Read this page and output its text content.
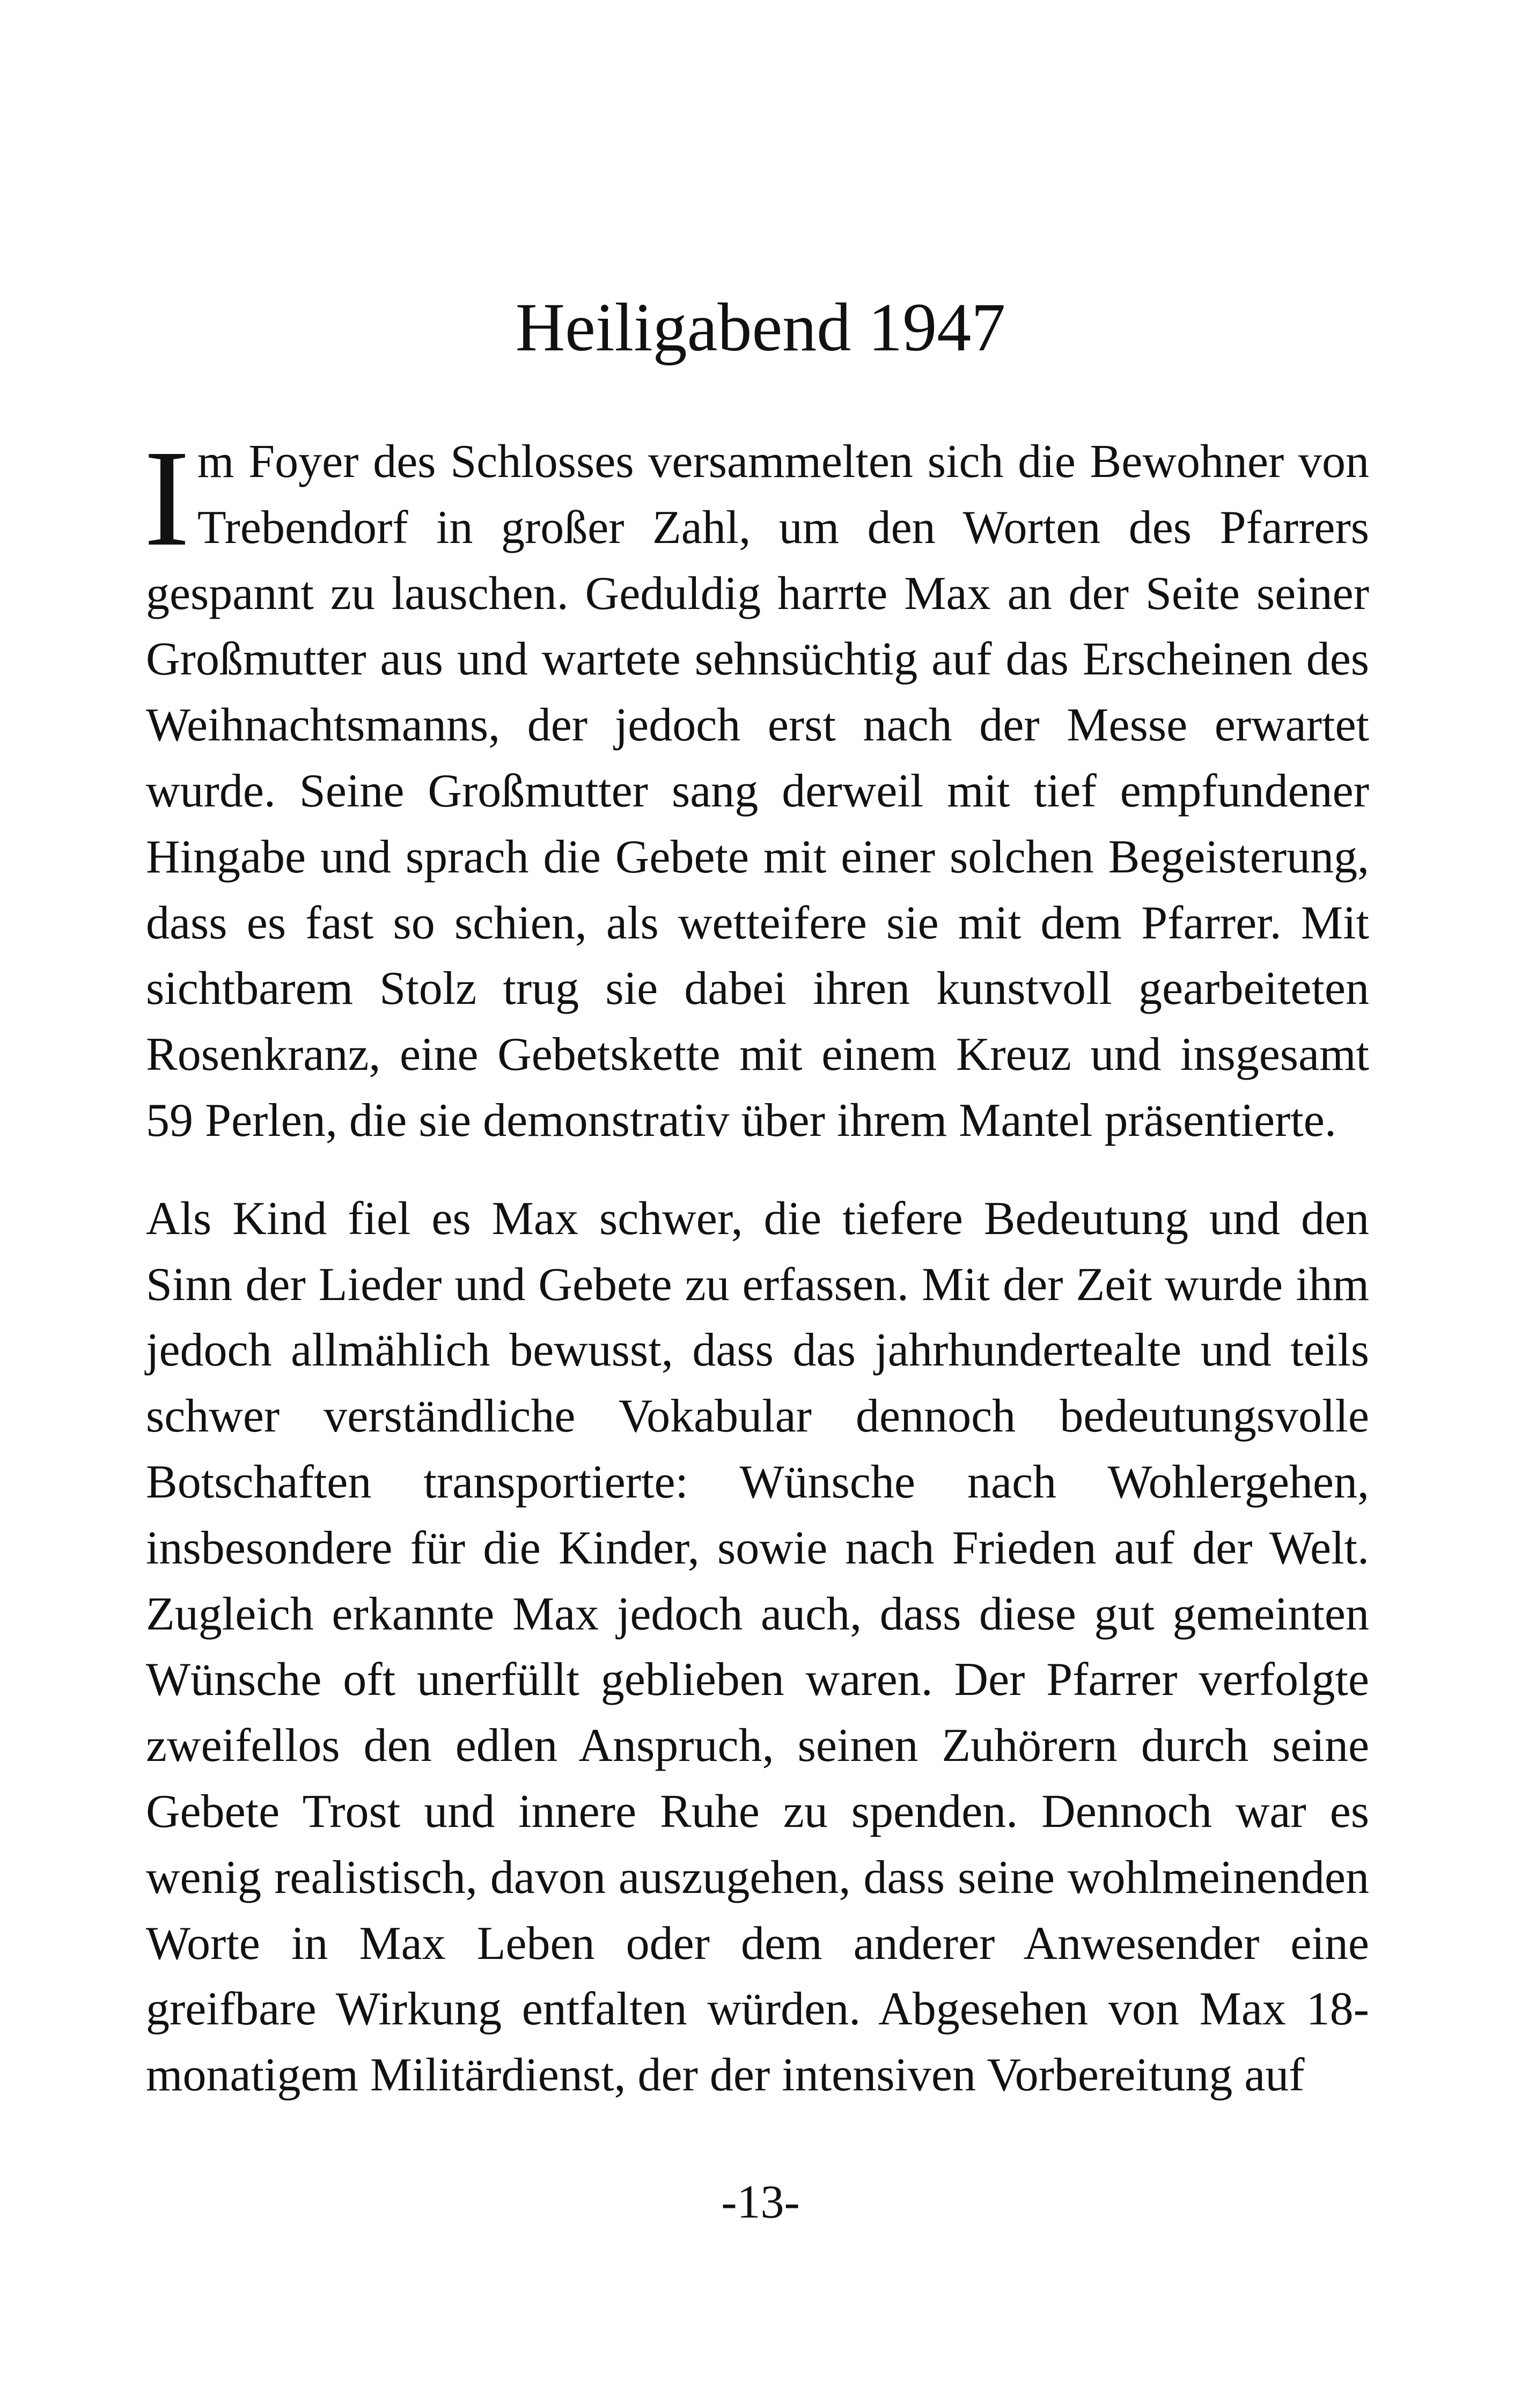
Heiligabend 1947

Im Foyer des Schlosses versammelten sich die Bewohner von Trebendorf in großer Zahl, um den Worten des Pfarrers gespannt zu lauschen. Geduldig harrte Max an der Seite seiner Großmutter aus und wartete sehnsüchtig auf das Erscheinen des Weihnachtsmanns, der jedoch erst nach der Messe erwartet wurde. Seine Großmutter sang derweil mit tief empfundener Hingabe und sprach die Gebete mit einer solchen Begeisterung, dass es fast so schien, als wetteifere sie mit dem Pfarrer. Mit sichtbarem Stolz trug sie dabei ihren kunstvoll gearbeiteten Rosenkranz, eine Gebetskette mit einem Kreuz und insgesamt 59 Perlen, die sie demonstrativ über ihrem Mantel präsentierte.

Als Kind fiel es Max schwer, die tiefere Bedeutung und den Sinn der Lieder und Gebete zu erfassen. Mit der Zeit wurde ihm jedoch allmählich bewusst, dass das jahrhundertealte und teils schwer verständliche Vokabular dennoch bedeutungsvolle Botschaften transportierte: Wünsche nach Wohlergehen, insbesondere für die Kinder, sowie nach Frieden auf der Welt. Zugleich erkannte Max jedoch auch, dass diese gut gemeinten Wünsche oft unerfüllt geblieben waren. Der Pfarrer verfolgte zweifellos den edlen Anspruch, seinen Zuhörern durch seine Gebete Trost und innere Ruhe zu spenden. Dennoch war es wenig realistisch, davon auszugehen, dass seine wohlmeinenden Worte in Max Leben oder dem anderer Anwesender eine greifbare Wirkung entfalten würden. Abgesehen von Max 18-monatigem Militärdienst, der der intensiven Vorbereitung auf

-13-
